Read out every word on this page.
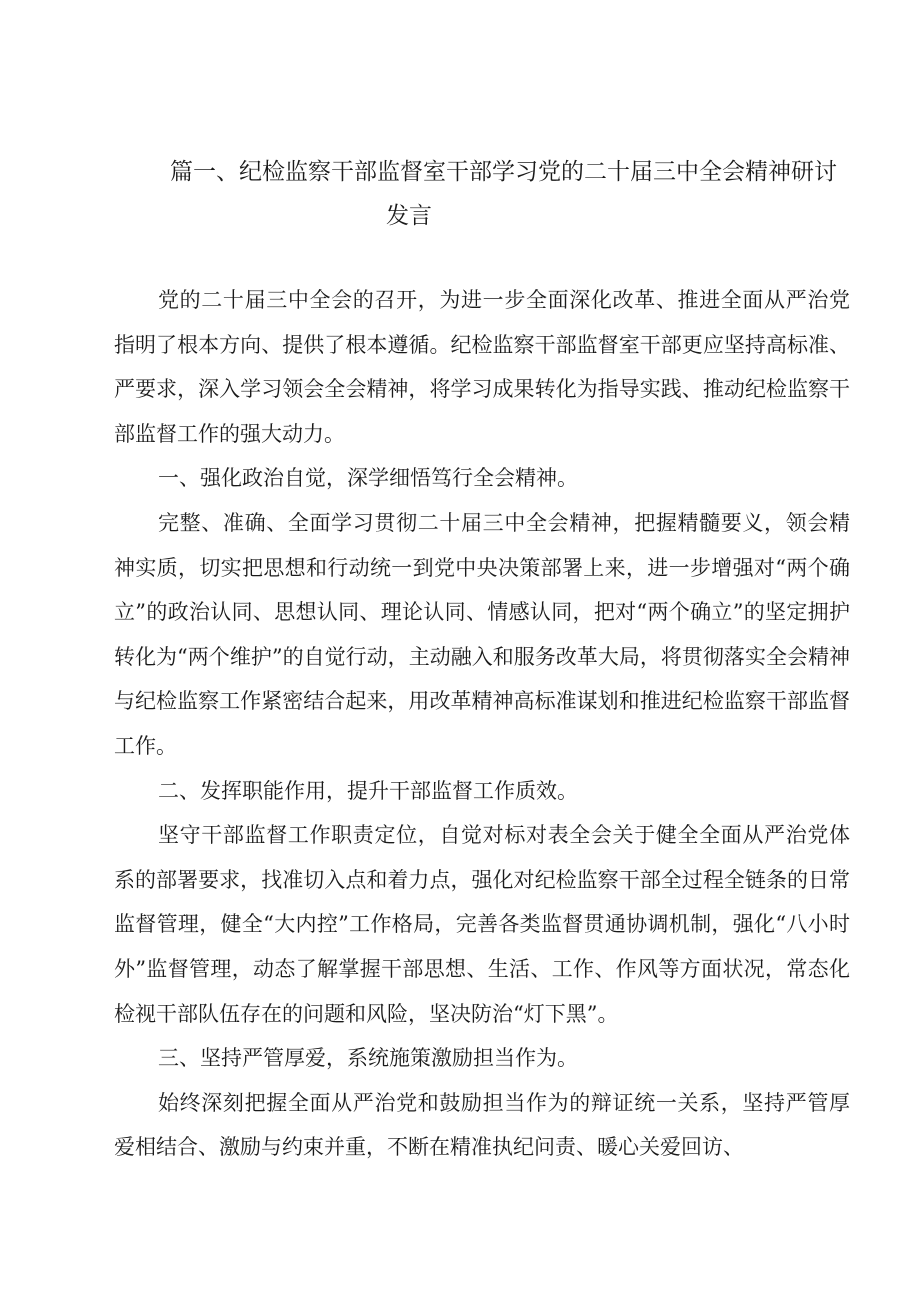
篇一、纪检监察干部监督室干部学习党的二十届三中全会精神研讨
发言

党的二十届三中全会的召开，为进一步全面深化改革、推进全面从严治党指明了根本方向、提供了根本遵循。纪检监察干部监督室干部更应坚持高标准、严要求，深入学习领会全会精神，将学习成果转化为指导实践、推动纪检监察干部监督工作的强大动力。

一、强化政治自觉，深学细悟笃行全会精神。

完整、准确、全面学习贯彻二十届三中全会精神，把握精髓要义，领会精神实质，切实把思想和行动统一到党中央决策部署上来，进一步增强对“两个确立”的政治认同、思想认同、理论认同、情感认同，把对“两个确立”的坚定拥护转化为“两个维护”的自觉行动，主动融入和服务改革大局，将贯彻落实全会精神与纪检监察工作紧密结合起来，用改革精神高标准谋划和推进纪检监察干部监督工作。

二、发挥职能作用，提升干部监督工作质效。

坚守干部监督工作职责定位，自觉对标对表全会关于健全全面从严治党体系的部署要求，找准切入点和着力点，强化对纪检监察干部全过程全链条的日常监督管理，健全“大内控”工作格局，完善各类监督贯通协调机制，强化“八小时外”监督管理，动态了解掌握干部思想、生活、工作、作风等方面状况，常态化检视干部队伍存在的问题和风险，坚决防治“灯下黑”。

三、坚持严管厚爱，系统施策激励担当作为。

始终深刻把握全面从严治党和鼓励担当作为的辩证统一关系，坚持严管厚爱相结合、激励与约束并重，不断在精准执纪问责、暖心关爱回访、
